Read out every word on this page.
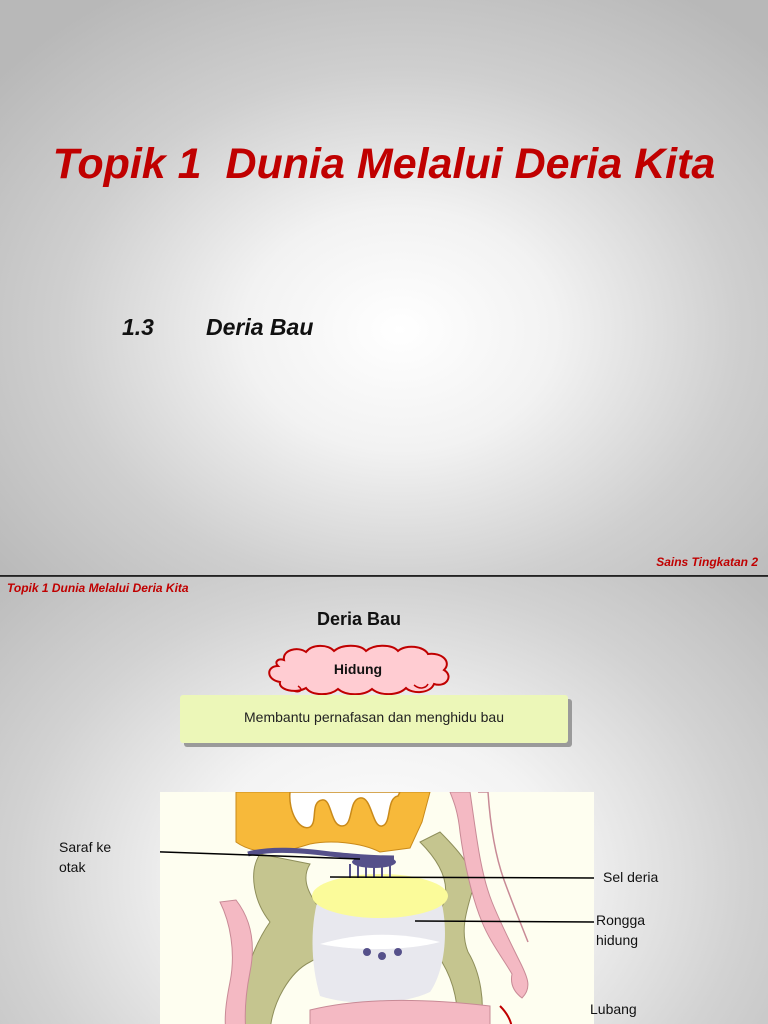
Topik 1  Dunia Melalui Deria Kita
1.3 Deria Bau
Sains Tingkatan 2
Topik 1 Dunia Melalui Deria Kita
Deria Bau
Hidung
Membantu pernafasan dan menghidu bau
Saraf ke otak
Sel deria
Rongga hidung
Lubang
